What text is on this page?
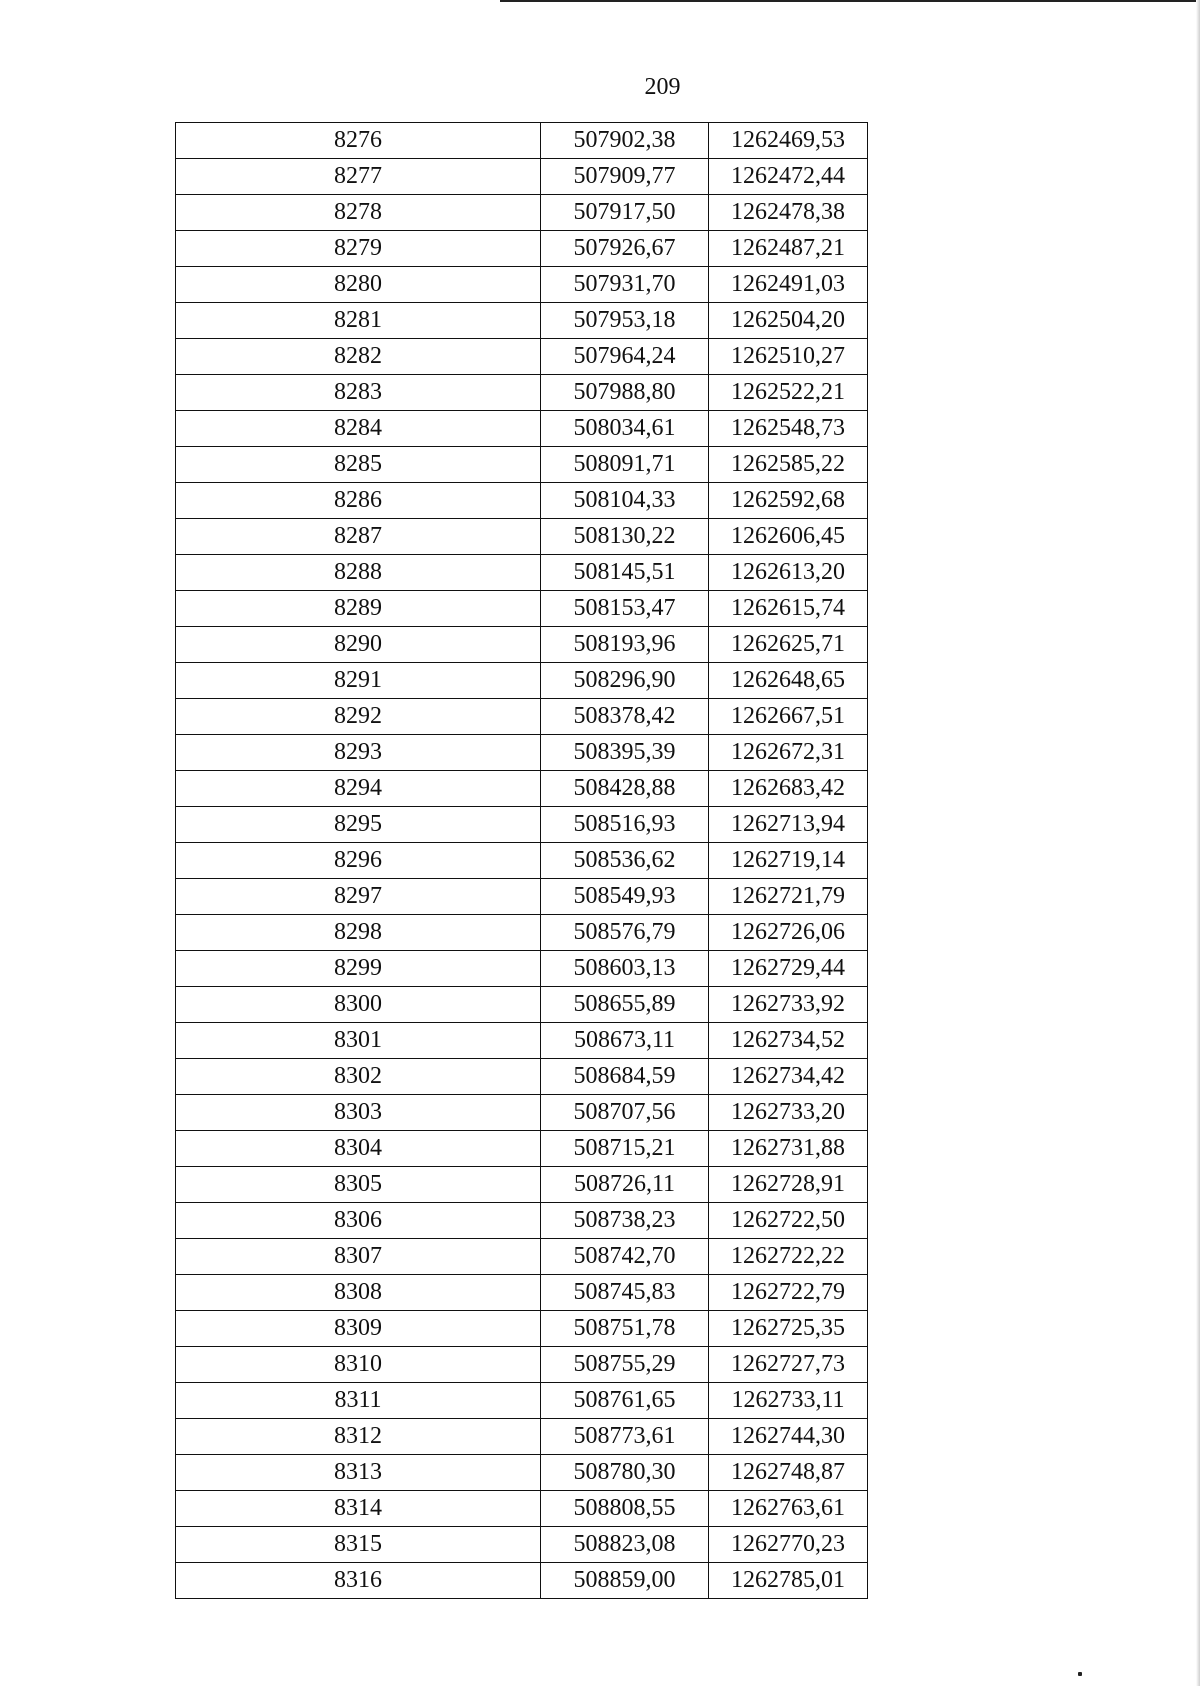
209
8276	507902,38	1262469,53
8277	507909,77	1262472,44
8278	507917,50	1262478,38
8279	507926,67	1262487,21
8280	507931,70	1262491,03
8281	507953,18	1262504,20
8282	507964,24	1262510,27
8283	507988,80	1262522,21
8284	508034,61	1262548,73
8285	508091,71	1262585,22
8286	508104,33	1262592,68
8287	508130,22	1262606,45
8288	508145,51	1262613,20
8289	508153,47	1262615,74
8290	508193,96	1262625,71
8291	508296,90	1262648,65
8292	508378,42	1262667,51
8293	508395,39	1262672,31
8294	508428,88	1262683,42
8295	508516,93	1262713,94
8296	508536,62	1262719,14
8297	508549,93	1262721,79
8298	508576,79	1262726,06
8299	508603,13	1262729,44
8300	508655,89	1262733,92
8301	508673,11	1262734,52
8302	508684,59	1262734,42
8303	508707,56	1262733,20
8304	508715,21	1262731,88
8305	508726,11	1262728,91
8306	508738,23	1262722,50
8307	508742,70	1262722,22
8308	508745,83	1262722,79
8309	508751,78	1262725,35
8310	508755,29	1262727,73
8311	508761,65	1262733,11
8312	508773,61	1262744,30
8313	508780,30	1262748,87
8314	508808,55	1262763,61
8315	508823,08	1262770,23
8316	508859,00	1262785,01
